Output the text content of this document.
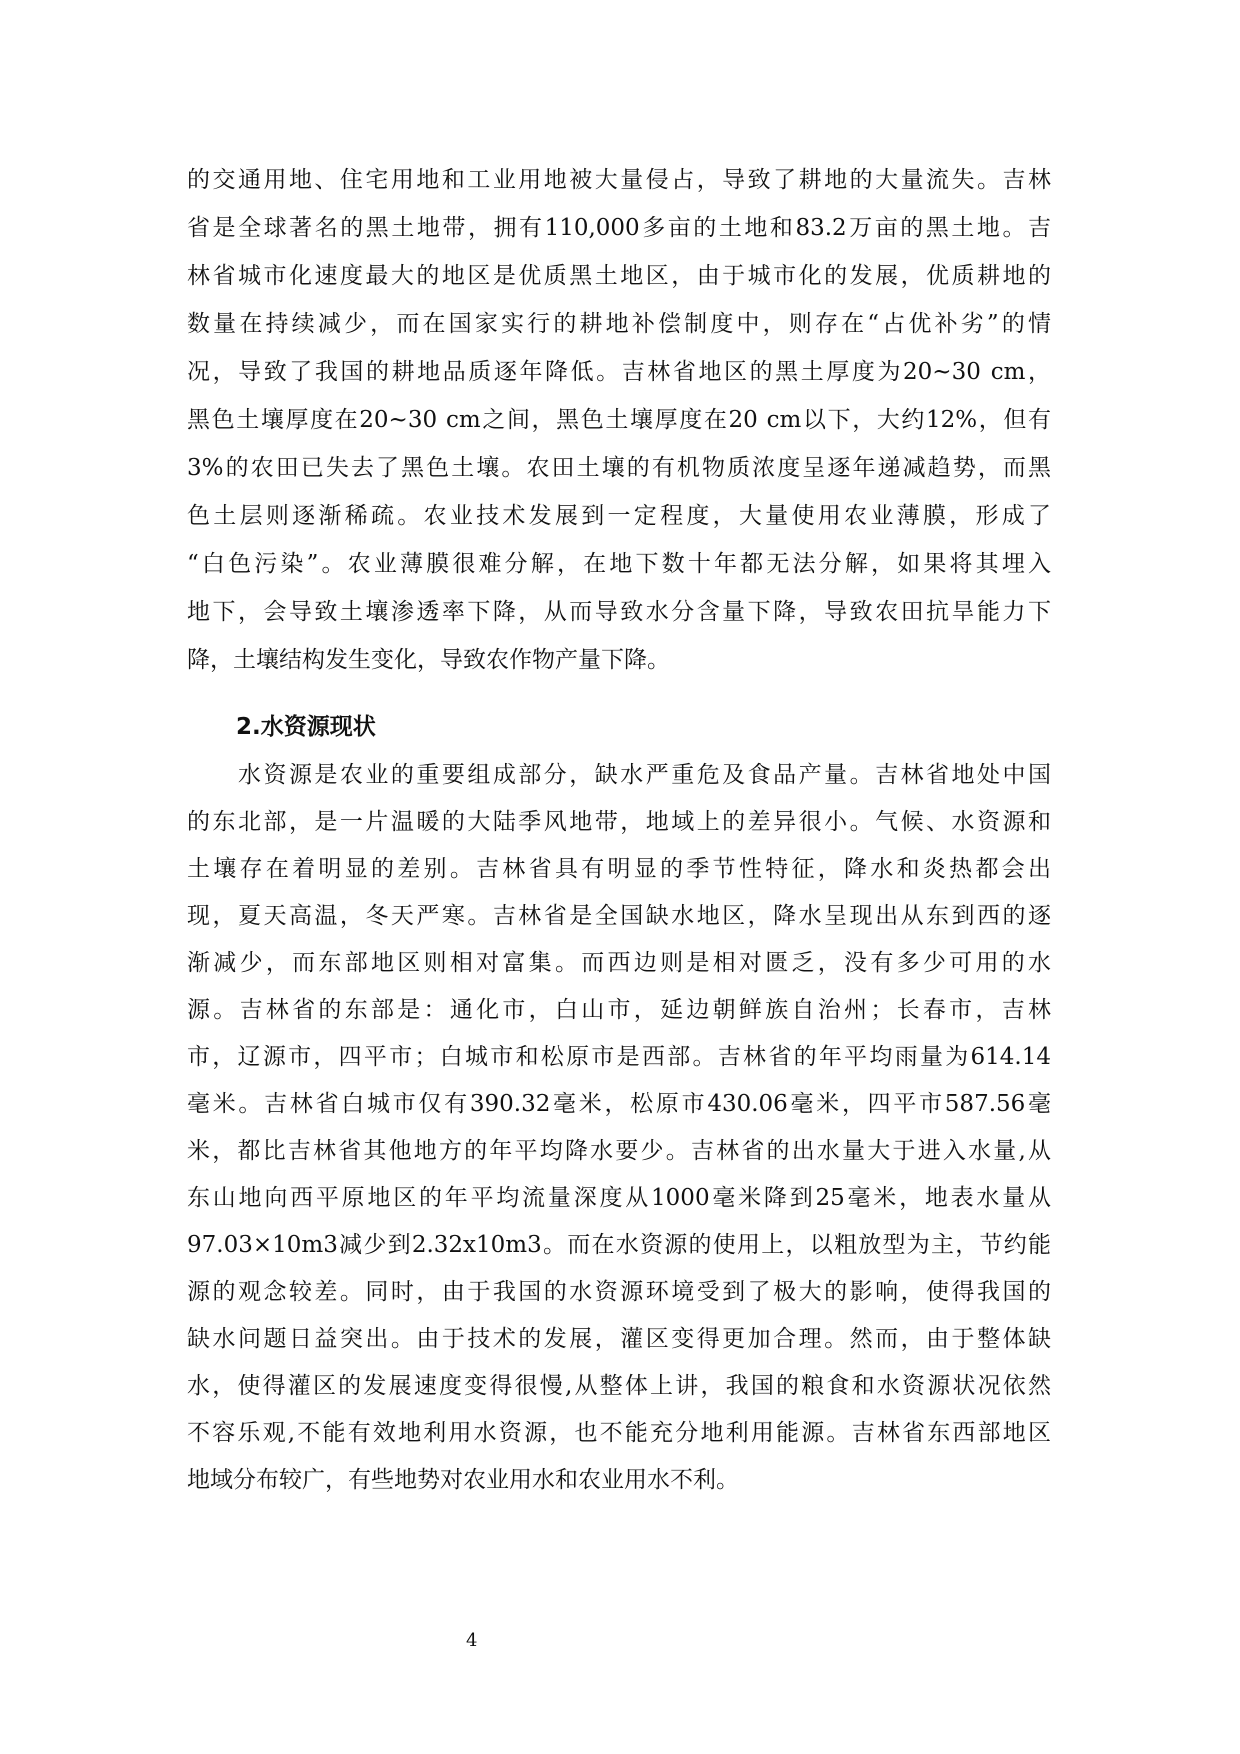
的交通用地、住宅用地和工业用地被大量侵占，导致了耕地的大量流失。吉林
省是全球著名的黑土地带，拥有110,000多亩的土地和83.2万亩的黑土地。吉
林省城市化速度最大的地区是优质黑土地区，由于城市化的发展，优质耕地的
数量在持续减少，而在国家实行的耕地补偿制度中，则存在“占优补劣”的情
况，导致了我国的耕地品质逐年降低。吉林省地区的黑土厚度为20~30 cm，
黑色土壤厚度在20~30 cm之间，黑色土壤厚度在20 cm以下，大约12%，但有
3%的农田已失去了黑色土壤。农田土壤的有机物质浓度呈逐年递减趋势，而黑
色土层则逐渐稀疏。农业技术发展到一定程度，大量使用农业薄膜，形成了
“白色污染”。农业薄膜很难分解，在地下数十年都无法分解，如果将其埋入
地下，会导致土壤渗透率下降，从而导致水分含量下降，导致农田抗旱能力下
降，土壤结构发生变化，导致农作物产量下降。
2.水资源现状
　　水资源是农业的重要组成部分，缺水严重危及食品产量。吉林省地处中国
的东北部，是一片温暖的大陆季风地带，地域上的差异很小。气候、水资源和
土壤存在着明显的差别。吉林省具有明显的季节性特征，降水和炎热都会出
现，夏天高温，冬天严寒。吉林省是全国缺水地区，降水呈现出从东到西的逐
渐减少，而东部地区则相对富集。而西边则是相对匮乏，没有多少可用的水
源。吉林省的东部是：通化市，白山市，延边朝鲜族自治州；长春市，吉林
市，辽源市，四平市；白城市和松原市是西部。吉林省的年平均雨量为614.14
毫米。吉林省白城市仅有390.32毫米，松原市430.06毫米，四平市587.56毫
米，都比吉林省其他地方的年平均降水要少。吉林省的出水量大于进入水量,从
东山地向西平原地区的年平均流量深度从1000毫米降到25毫米，地表水量从
97.03×10m3减少到2.32x10m3。而在水资源的使用上，以粗放型为主，节约能
源的观念较差。同时，由于我国的水资源环境受到了极大的影响，使得我国的
缺水问题日益突出。由于技术的发展，灌区变得更加合理。然而，由于整体缺
水，使得灌区的发展速度变得很慢,从整体上讲，我国的粮食和水资源状况依然
不容乐观,不能有效地利用水资源，也不能充分地利用能源。吉林省东西部地区
地域分布较广，有些地势对农业用水和农业用水不利。
4
